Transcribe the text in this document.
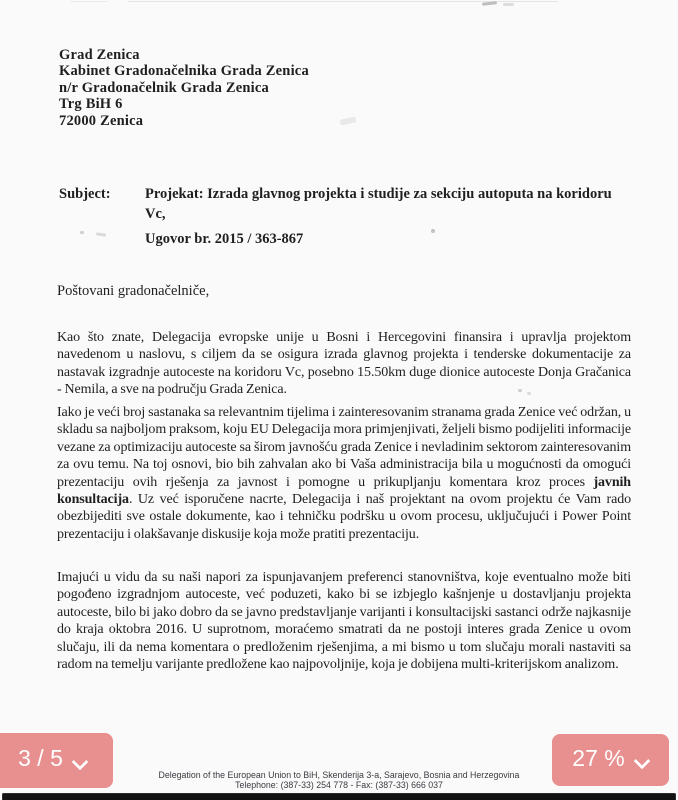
Grad Zenica
Kabinet Gradonačelnika Grada Zenica
n/r Gradonačelnik Grada Zenica
Trg BiH 6
72000 Zenica
Subject:	Projekat: Izrada glavnog projekta i studije za sekciju autoputa na koridoru Vc,
Ugovor br. 2015 / 363-867
Poštovani gradonačelniče,

Kao što znate, Delegacija evropske unije u Bosni i Hercegovini finansira i upravlja projektom navedenom u naslovu, s ciljem da se osigura izrada glavnog projekta i tenderske dokumentacije za nastavak izgradnje autoceste na koridoru Vc, posebno 15.50km duge dionice autoceste Donja Gračanica - Nemila, a sve na području Grada Zenica.

Iako je veći broj sastanaka sa relevantnim tijelima i zainteresovanim stranama grada Zenice već održan, u skladu sa najboljom praksom, koju EU Delegacija mora primjenjivati, željeli bismo podijeliti informacije vezane za optimizaciju autoceste sa širom javnošću grada Zenice i nevladinim sektorom zainteresovanim za ovu temu. Na toj osnovi, bio bih zahvalan ako bi Vaša administracija bila u mogućnosti da omogući prezentaciju ovih rješenja za javnost i pomogne u prikupljanju komentara kroz proces javnih konsultacija. Uz već isporučene nacrte, Delegacija i naš projektant na ovom projektu će Vam rado obezbijediti sve ostale dokumente, kao i tehničku podršku u ovom procesu, uključujući i Power Point prezentaciju i olakšavanje diskusije koja može pratiti prezentaciju.

Imajući u vidu da su naši napori za ispunjavanjem preferenci stanovništva, koje eventualno može biti pogođeno izgradnjom autoceste, već poduzeti, kako bi se izbjeglo kašnjenje u dostavljanju projekta autoceste, bilo bi jako dobro da se javno predstavljanje varijanti i konsultacijski sastanci održe najkasnije do kraja oktobra 2016. U suprotnom, moraćemo smatrati da ne postoji interes grada Zenice u ovom slučaju, ili da nema komentara o predloženim rješenjima, a mi bismo u tom slučaju morali nastaviti sa radom na temelju varijante predložene kao najpovoljnije, koja je dobijena multi-kriterijskom analizom.

Delegation of the European Union to BiH, Skenderija 3-a, Sarajevo, Bosnia and Herzegovina
Telephone: (387-33) 254 778 - Fax: (387-33) 666 037
3 / 5	27 %
